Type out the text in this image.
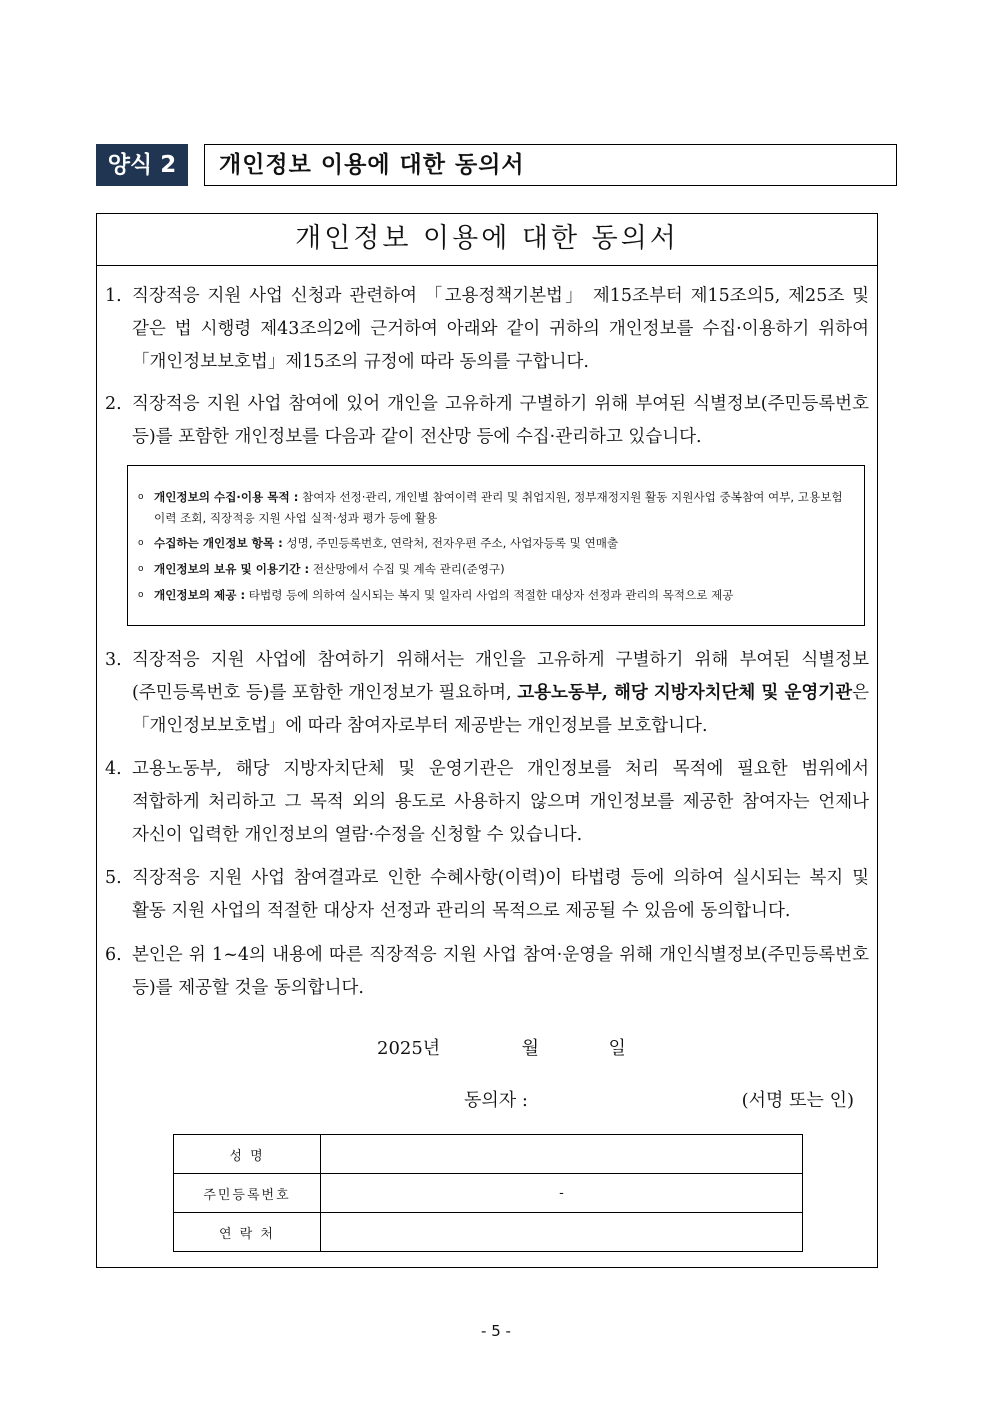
양식 2	개인정보 이용에 대한 동의서
개인정보 이용에 대한 동의서
1. 직장적응 지원 사업 신청과 관련하여 「고용정책기본법」 제15조부터 제15조의5, 제25조 및 같은 법 시행령 제43조의2에 근거하여 아래와 같이 귀하의 개인정보를 수집·이용하기 위하여「개인정보보호법」제15조의 규정에 따라 동의를 구합니다.
2. 직장적응 지원 사업 참여에 있어 개인을 고유하게 구별하기 위해 부여된 식별정보(주민등록번호 등)를 포함한 개인정보를 다음과 같이 전산망 등에 수집·관리하고 있습니다.
o 개인정보의 수집·이용 목적 : 참여자 선정·관리, 개인별 참여이력 관리 및 취업지원, 정부재정지원 활동 지원사업 중복참여 여부, 고용보험 이력 조회, 직장적응 지원 사업 실적·성과 평가 등에 활용
o 수집하는 개인정보 항목 : 성명, 주민등록번호, 연락처, 전자우편 주소, 사업자등록 및 연매출
o 개인정보의 보유 및 이용기간 : 전산망에서 수집 및 계속 관리(준영구)
o 개인정보의 제공 : 타법령 등에 의하여 실시되는 복지 및 일자리 사업의 적절한 대상자 선정과 관리의 목적으로 제공
3. 직장적응 지원 사업에 참여하기 위해서는 개인을 고유하게 구별하기 위해 부여된 식별정보(주민등록번호 등)를 포함한 개인정보가 필요하며, 고용노동부, 해당 지방자치단체 및 운영기관은「개인정보보호법」에 따라 참여자로부터 제공받는 개인정보를 보호합니다.
4. 고용노동부, 해당 지방자치단체 및 운영기관은 개인정보를 처리 목적에 필요한 범위에서 적합하게 처리하고 그 목적 외의 용도로 사용하지 않으며 개인정보를 제공한 참여자는 언제나 자신이 입력한 개인정보의 열람·수정을 신청할 수 있습니다.
5. 직장적응 지원 사업 참여결과로 인한 수혜사항(이력)이 타법령 등에 의하여 실시되는 복지 및 활동 지원 사업의 적절한 대상자 선정과 관리의 목적으로 제공될 수 있음에 동의합니다.
6. 본인은 위 1~4의 내용에 따른 직장적응 지원 사업 참여·운영을 위해 개인식별정보(주민등록번호 등)를 제공할 것을 동의합니다.
2025년	월	일
동의자 :	(서명 또는 인)
성 명	
주민등록번호	-
연 락 처	
- 5 -
